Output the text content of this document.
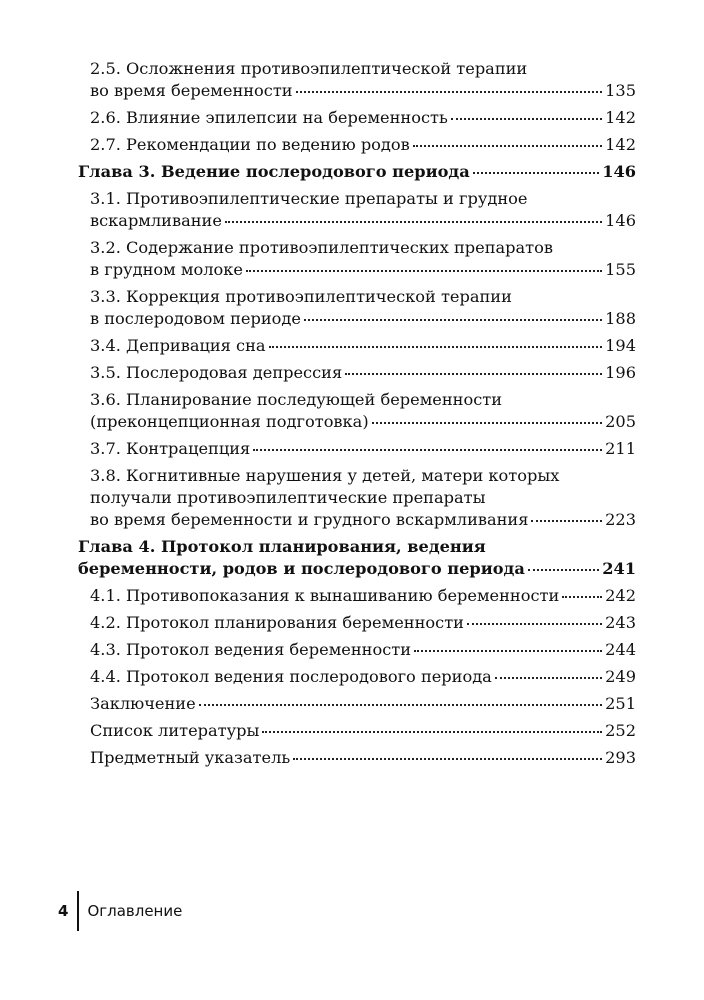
2.5. Осложнения противоэпилептической терапии
во время беременности	135
2.6. Влияние эпилепсии на беременность	142
2.7. Рекомендации по ведению родов	142
Глава 3. Ведение послеродового периода	146
3.1. Противоэпилептические препараты и грудное
вскармливание	146
3.2. Содержание противоэпилептических препаратов
в грудном молоке	155
3.3. Коррекция противоэпилептической терапии
в послеродовом периоде	188
3.4. Депривация сна	194
3.5. Послеродовая депрессия	196
3.6. Планирование последующей беременности
(преконцепционная подготовка)	205
3.7. Контрацепция	211
3.8. Когнитивные нарушения у детей, матери которых
получали противоэпилептические препараты
во время беременности и грудного вскармливания	223
Глава 4. Протокол планирования, ведения
беременности, родов и послеродового периода	241
4.1. Противопоказания к вынашиванию беременности	242
4.2. Протокол планирования беременности	243
4.3. Протокол ведения беременности	244
4.4. Протокол ведения послеродового периода	249
Заключение	251
Список литературы	252
Предметный указатель	293
4 Оглавление
